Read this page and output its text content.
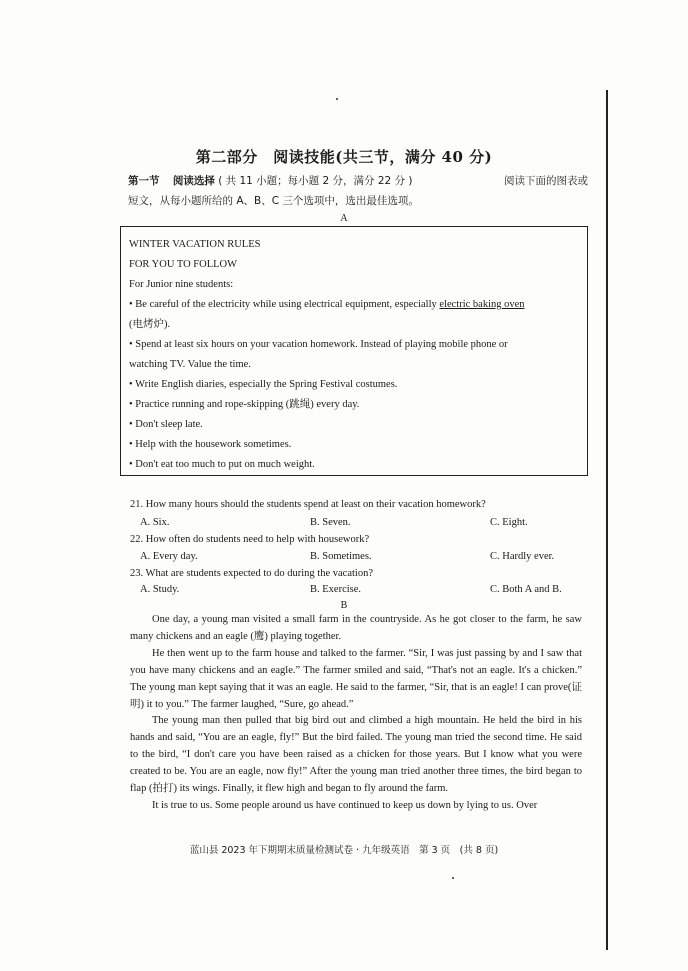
第二部分　阅读技能(共三节，满分 40 分)
第一节 阅读选择 ( 共 11 小题；每小题 2 分，满分 22 分 )	阅读下面的图表或
短文，从每小题所给的 A、B、C 三个选项中，选出最佳选项。
A
WINTER VACATION RULES
FOR YOU TO FOLLOW
For Junior nine students:
• Be careful of the electricity while using electrical equipment, especially electric baking oven
(电烤炉).
• Spend at least six hours on your vacation homework. Instead of playing mobile phone or
watching TV. Value the time.
• Write English diaries, especially the Spring Festival costumes.
• Practice running and rope-skipping (跳绳) every day.
• Don't sleep late.
• Help with the housework sometimes.
• Don't eat too much to put on much weight.
21. How many hours should the students spend at least on their vacation homework?
A. Six.	B. Seven.	C. Eight.
22. How often do students need to help with housework?
A. Every day.	B. Sometimes.	C. Hardly ever.
23. What are students expected to do during the vacation?
A. Study.	B. Exercise.	C. Both A and B.
B

One day, a young man visited a small farm in the countryside. As he got closer to the farm, he saw many chickens and an eagle (鹰) playing together.

He then went up to the farm house and talked to the farmer. “Sir, I was just passing by and I saw that you have many chickens and an eagle.” The farmer smiled and said, “That's not an eagle. It's a chicken.” The young man kept saying that it was an eagle. He said to the farmer, “Sir, that is an eagle! I can prove(证明) it to you.” The farmer laughed, “Sure, go ahead.”

The young man then pulled that big bird out and climbed a high mountain. He held the bird in his hands and said, “You are an eagle, fly!” But the bird failed. The young man tried the second time. He said to the bird, “I don't care you have been raised as a chicken for those years. But I know what you were created to be. You are an eagle, now fly!” After the young man tried another three times, the bird began to flap (拍打) its wings. Finally, it flew high and began to fly around the farm.

It is true to us. Some people around us have continued to keep us down by lying to us. Over

蓝山县 2023 年下期期末质量检测试卷 · 九年级英语　第 3 页　(共 8 页)
